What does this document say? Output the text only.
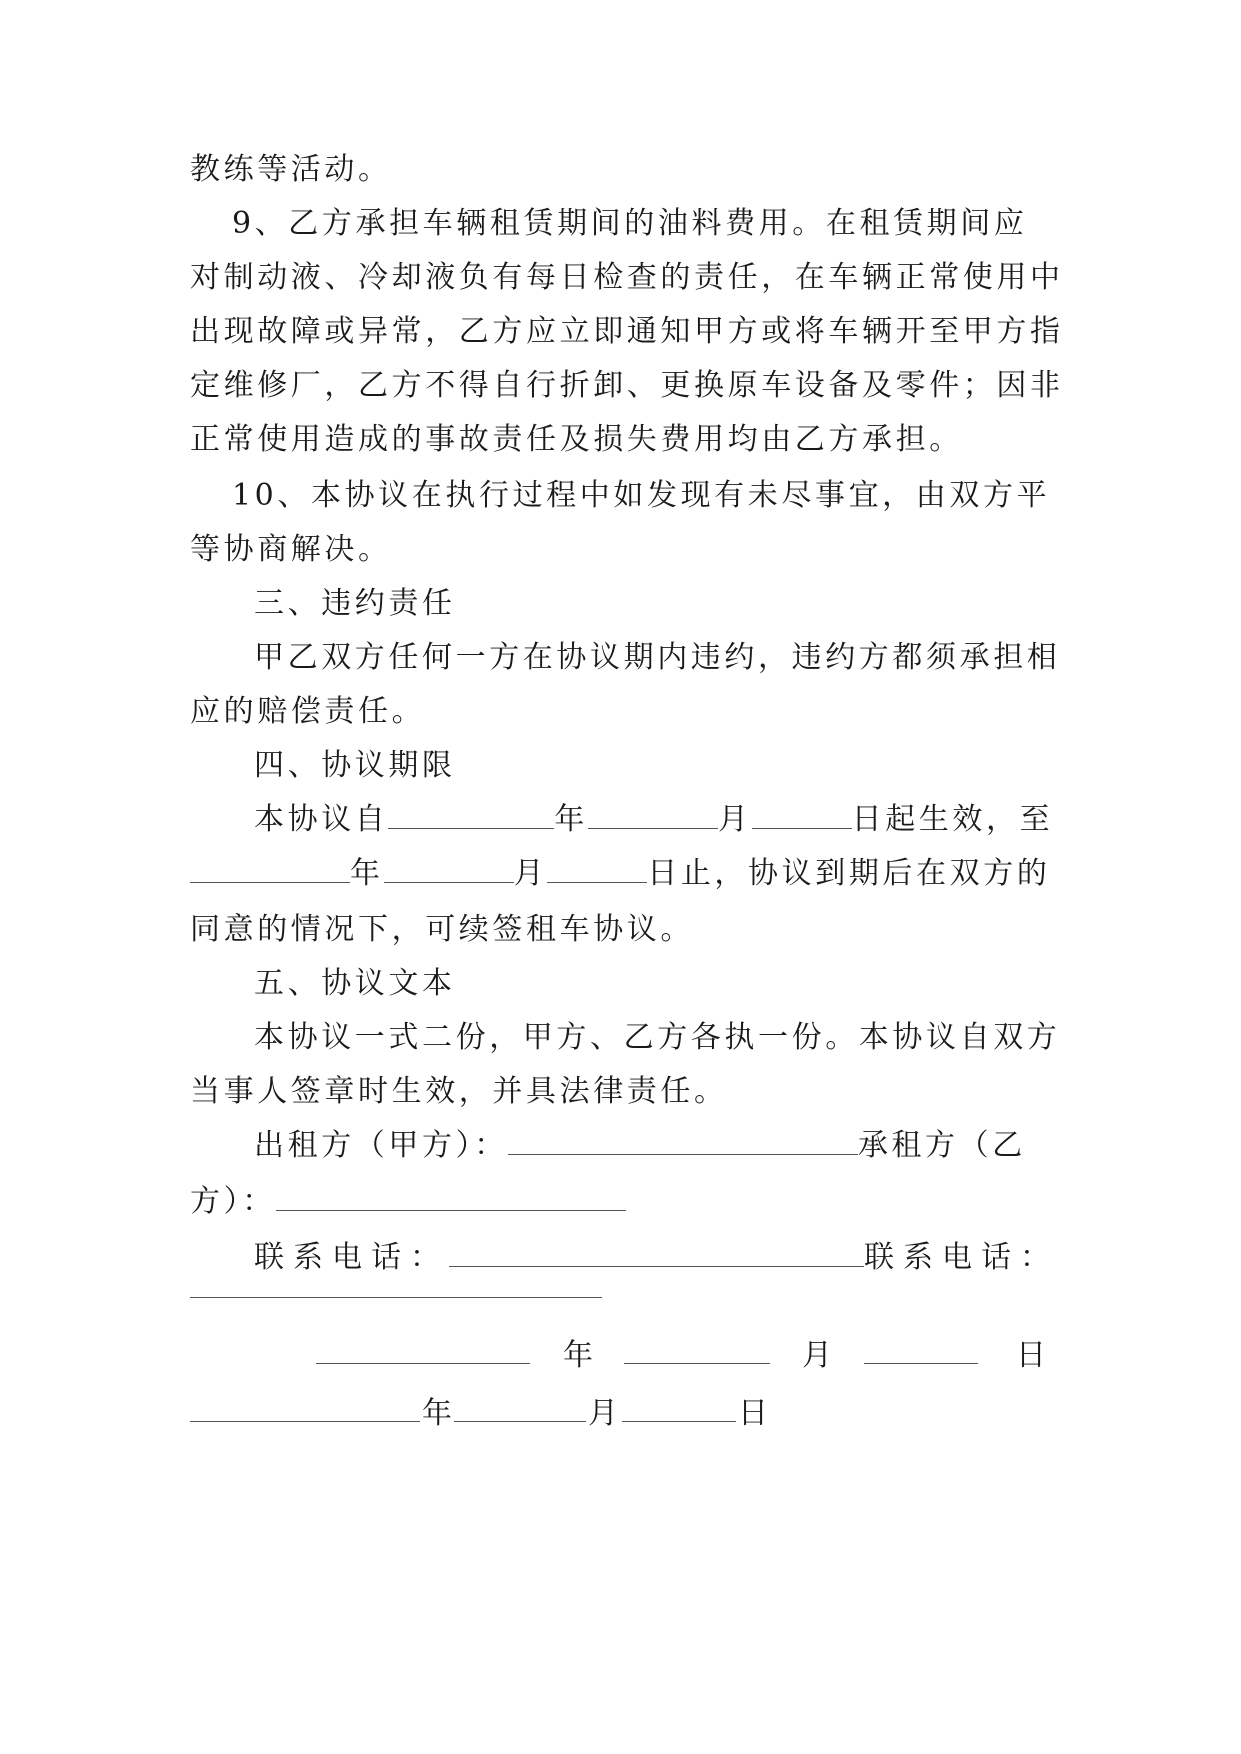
教练等活动。
9、乙方承担车辆租赁期间的油料费用。在租赁期间应
对制动液、冷却液负有每日检查的责任，在车辆正常使用中
出现故障或异常，乙方应立即通知甲方或将车辆开至甲方指
定维修厂，乙方不得自行折卸、更换原车设备及零件；因非
正常使用造成的事故责任及损失费用均由乙方承担。
10、本协议在执行过程中如发现有未尽事宜，由双方平
等协商解决。
三、违约责任
甲乙双方任何一方在协议期内违约，违约方都须承担相
应的赔偿责任。
四、协议期限
本协议自	年	月	日起生效，至
年	月	日止，协议到期后在双方的
同意的情况下，可续签租车协议。
五、协议文本
本协议一式二份，甲方、乙方各执一份。本协议自双方
当事人签章时生效，并具法律责任。
出租方（甲方）：	承租方（乙
方）：
联系电话：	联系电话：
年	月	日
年	月	日
